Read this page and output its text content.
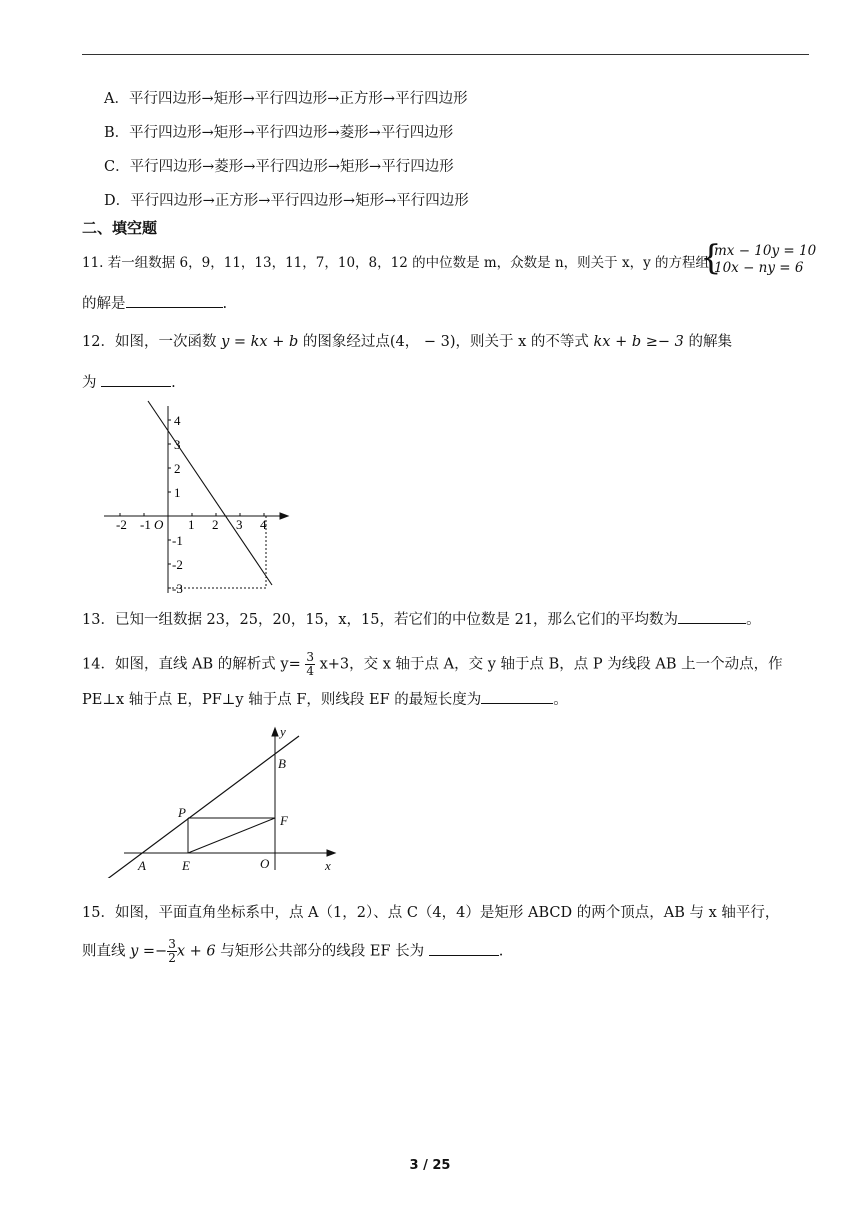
A．平行四边形→矩形→平行四边形→正方形→平行四边形
B．平行四边形→矩形→平行四边形→菱形→平行四边形
C．平行四边形→菱形→平行四边形→矩形→平行四边形
D．平行四边形→正方形→平行四边形→矩形→平行四边形
二、填空题
11. 若一组数据 6，9，11，13，11，7，10，8，12 的中位数是 m，众数是 n，则关于 x，y 的方程组
{
mx − 10y = 10
10x − ny = 6
的解是	.
12．如图，一次函数 y = kx + b 的图象经过点(4， − 3)，则关于 x 的不等式 kx + b ≥− 3 的解集
为	.
-2 -1 O 1 2 3 4
4
3
2
1
-1
-2
-3
13．已知一组数据 23，25，20，15，x，15，若它们的中位数是 21，那么它们的平均数为	。
14．如图，直线 AB 的解析式 $y= \frac{3}{4} x+3$，交 x 轴于点 A，交 y 轴于点 B，点 P 为线段 AB 上一个动点，作
PE⊥x 轴于点 E，PF⊥y 轴于点 F，则线段 EF 的最短长度为	。
y
B
P
F
A	E	O	x
15．如图，平面直角坐标系中，点 A（1，2）、点 C（4，4）是矩形 ABCD 的两个顶点，AB 与 x 轴平行，
则直线 $y =- \frac{3}{2}$ x + 6 与矩形公共部分的线段 EF 长为	.
3 / 25
